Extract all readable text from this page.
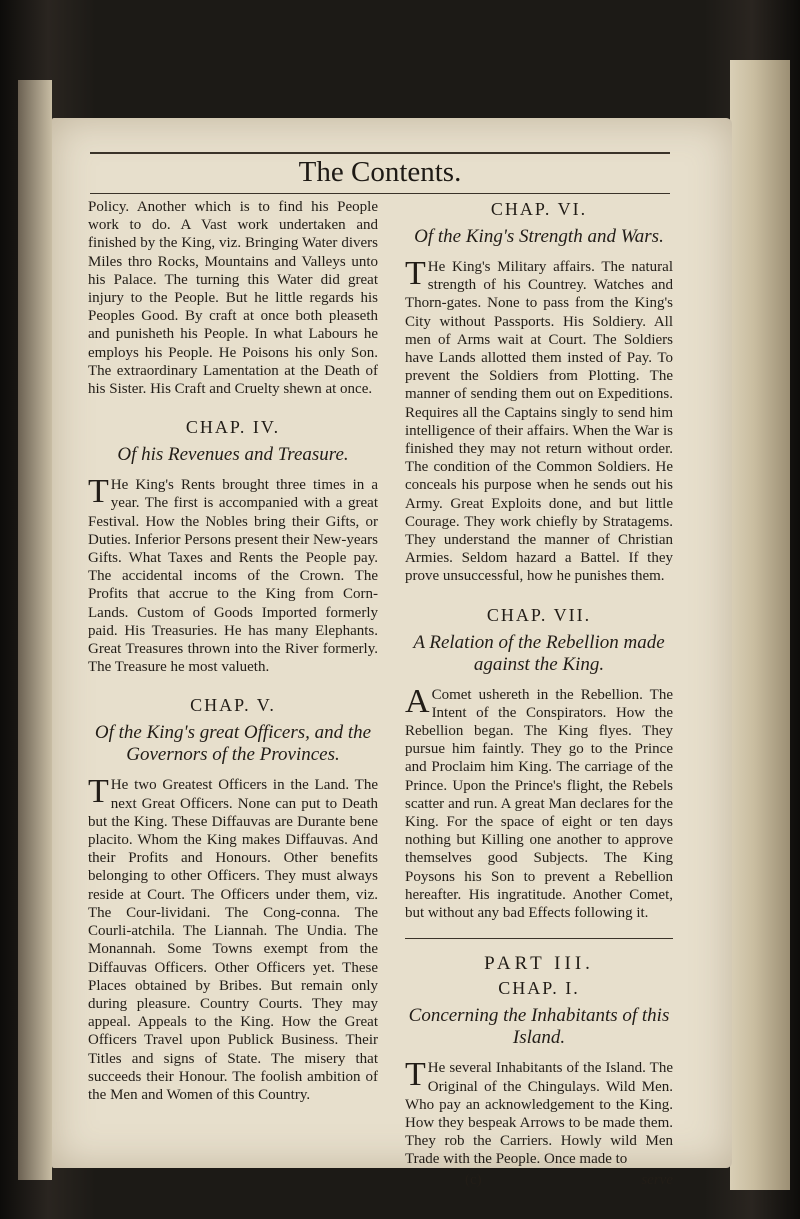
The Contents.

Policy. Another which is to find his People work to do. A Vast work undertaken and finished by the King, viz. Bringing Water divers Miles thro Rocks, Mountains and Valleys unto his Palace. The turning this Water did great injury to the People. But he little regards his Peoples Good. By craft at once both pleaseth and punisheth his People. In what Labours he employs his People. He Poisons his only Son. The extraordinary Lamentation at the Death of his Sister. His Craft and Cruelty shewn at once.

CHAP. IV.
Of his Revenues and Treasure.

T He King's Rents brought three times in a year. The first is accompanied with a great Festival. How the Nobles bring their Gifts, or Duties. Inferior Persons present their New-years Gifts. What Taxes and Rents the People pay. The accidental incoms of the Crown. The Profits that accrue to the King from Corn-Lands. Custom of Goods Imported formerly paid. His Treasuries. He has many Elephants. Great Treasures thrown into the River formerly. The Treasure he most valueth.

CHAP. V.
Of the King's great Officers, and the Governors of the Provinces.

T He two Greatest Officers in the Land. The next Great Officers. None can put to Death but the King. These Diffauvas are Durante bene placito. Whom the King makes Diffauvas. And their Profits and Honours. Other benefits belonging to other Officers. They must always reside at Court. The Officers under them, viz. The Cour-lividani. The Cong-conna. The Courli-atchila. The Liannah. The Undia. The Monannah. Some Towns exempt from the Diffauvas Officers. Other Officers yet. These Places obtained by Bribes. But remain only during pleasure. Country Courts. They may appeal. Appeals to the King. How the Great Officers Travel upon Publick Business. Their Titles and signs of State. The misery that succeeds their Honour. The foolish ambition of the Men and Women of this Country.

CHAP. VI.
Of the King's Strength and Wars.

T He King's Military affairs. The natural strength of his Countrey. Watches and Thorn-gates. None to pass from the King's City without Passports. His Soldiery. All men of Arms wait at Court. The Soldiers have Lands allotted them insted of Pay. To prevent the Soldiers from Plotting. The manner of sending them out on Expeditions. Requires all the Captains singly to send him intelligence of their affairs. When the War is finished they may not return without order. The condition of the Common Soldiers. He conceals his purpose when he sends out his Army. Great Exploits done, and but little Courage. They work chiefly by Stratagems. They understand the manner of Christian Armies. Seldom hazard a Battel. If they prove unsuccessful, how he punishes them.

CHAP. VII.
A Relation of the Rebellion made against the King.

A Comet ushereth in the Rebellion. The Intent of the Conspirators. How the Rebellion began. The King flyes. They pursue him faintly. They go to the Prince and Proclaim him King. The carriage of the Prince. Upon the Prince's flight, the Rebels scatter and run. A great Man declares for the King. For the space of eight or ten days nothing but Killing one another to approve themselves good Subjects. The King Poysons his Son to prevent a Rebellion hereafter. His ingratitude. Another Comet, but without any bad Effects following it.

PART III.
CHAP. I.
Concerning the Inhabitants of this Island.

T He several Inhabitants of the Island. The Original of the Chingulays. Wild Men. Who pay an acknowledgement to the King. How they bespeak Arrows to be made them. They rob the Carriers. Howly wild Men Trade with the People. Once made to

(c)	serve
